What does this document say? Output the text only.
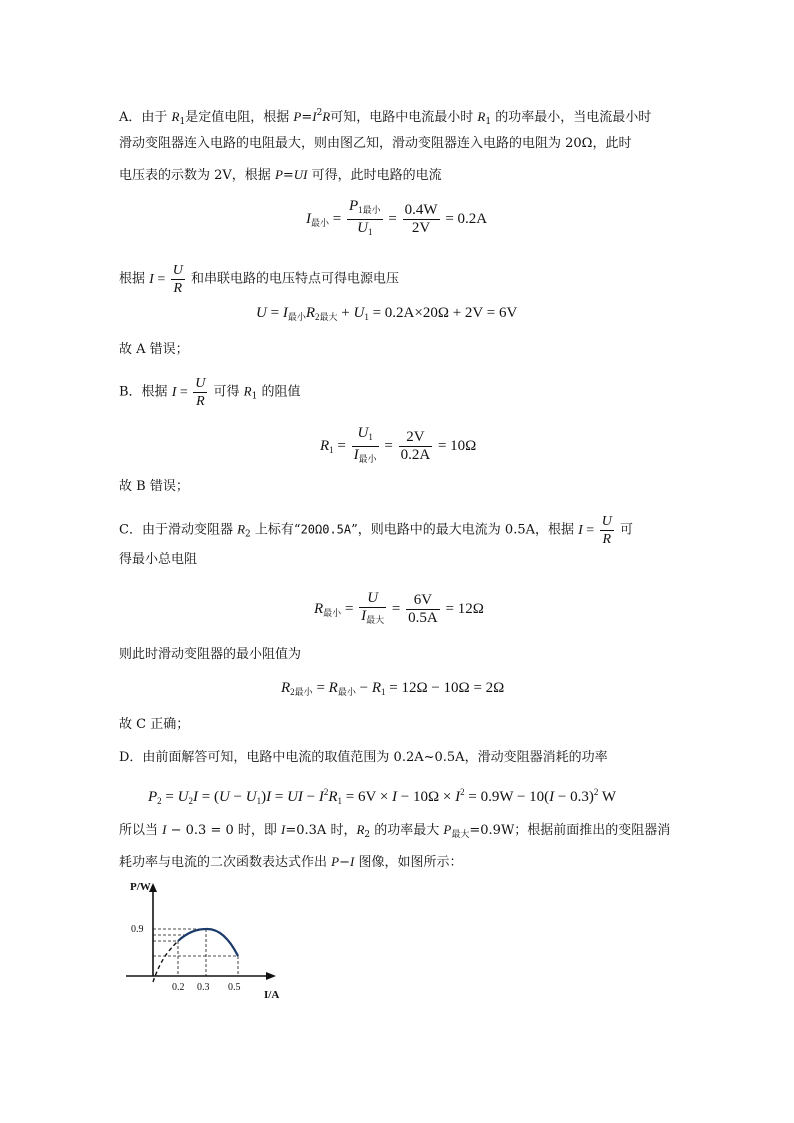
A．由于 $R_1$是定值电阻，根据 $P=I^2R$可知，电路中电流最小时 $R_1$ 的功率最小，当电流最小时
滑动变阻器连入电路的电阻最大，则由图乙知，滑动变阻器连入电路的电阻为 20Ω，此时
电压表的示数为 2V，根据 P=UI 可得，此时电路的电流
$I_{最小} = \frac{P_{1最小}}{U_1} = \frac{0.4W}{2V} = 0.2A$
根据 $I = \frac{U}{R}$ 和串联电路的电压特点可得电源电压
$U = I_{最小}R_{2最大} + U_1 = 0.2A\times 20\Omega + 2V = 6V$
故 A 错误；
B．根据 $I = \frac{U}{R}$ 可得 $R_1$ 的阻值
$R_1 = \frac{U_1}{I_{最小}} = \frac{2V}{0.2A} = 10\Omega$
故 B 错误；
C．由于滑动变阻器 $R_2$ 上标有“20Ω0.5A”，则电路中的最大电流为 0.5A，根据 $I = \frac{U}{R}$ 可
得最小总电阻
$R_{最小} = \frac{U}{I_{最大}} = \frac{6V}{0.5A} = 12\Omega$
则此时滑动变阻器的最小阻值为
$R_{2最小} = R_{最小} - R_1 = 12\Omega - 10\Omega = 2\Omega$
故 C 正确；
D．由前面解答可知，电路中电流的取值范围为 0.2A~0.5A，滑动变阻器消耗的功率
$P_2 = U_2I = (U - U_1)I$ = UI − $I^2R_1 = 6V \times I - 10\Omega \times I^2 = 0.9W - 10(I - 0.3)^2$ W
所以当 I − 0.3 = 0 时，即 I=0.3A 时，$R_2$ 的功率最大 $P_{最大}=0.9W$；根据前面推出的变阻器消
耗功率与电流的二次函数表达式作出 P−I 图像，如图所示：
P/W
I/A
0.9
0.2 0.3 0.5
